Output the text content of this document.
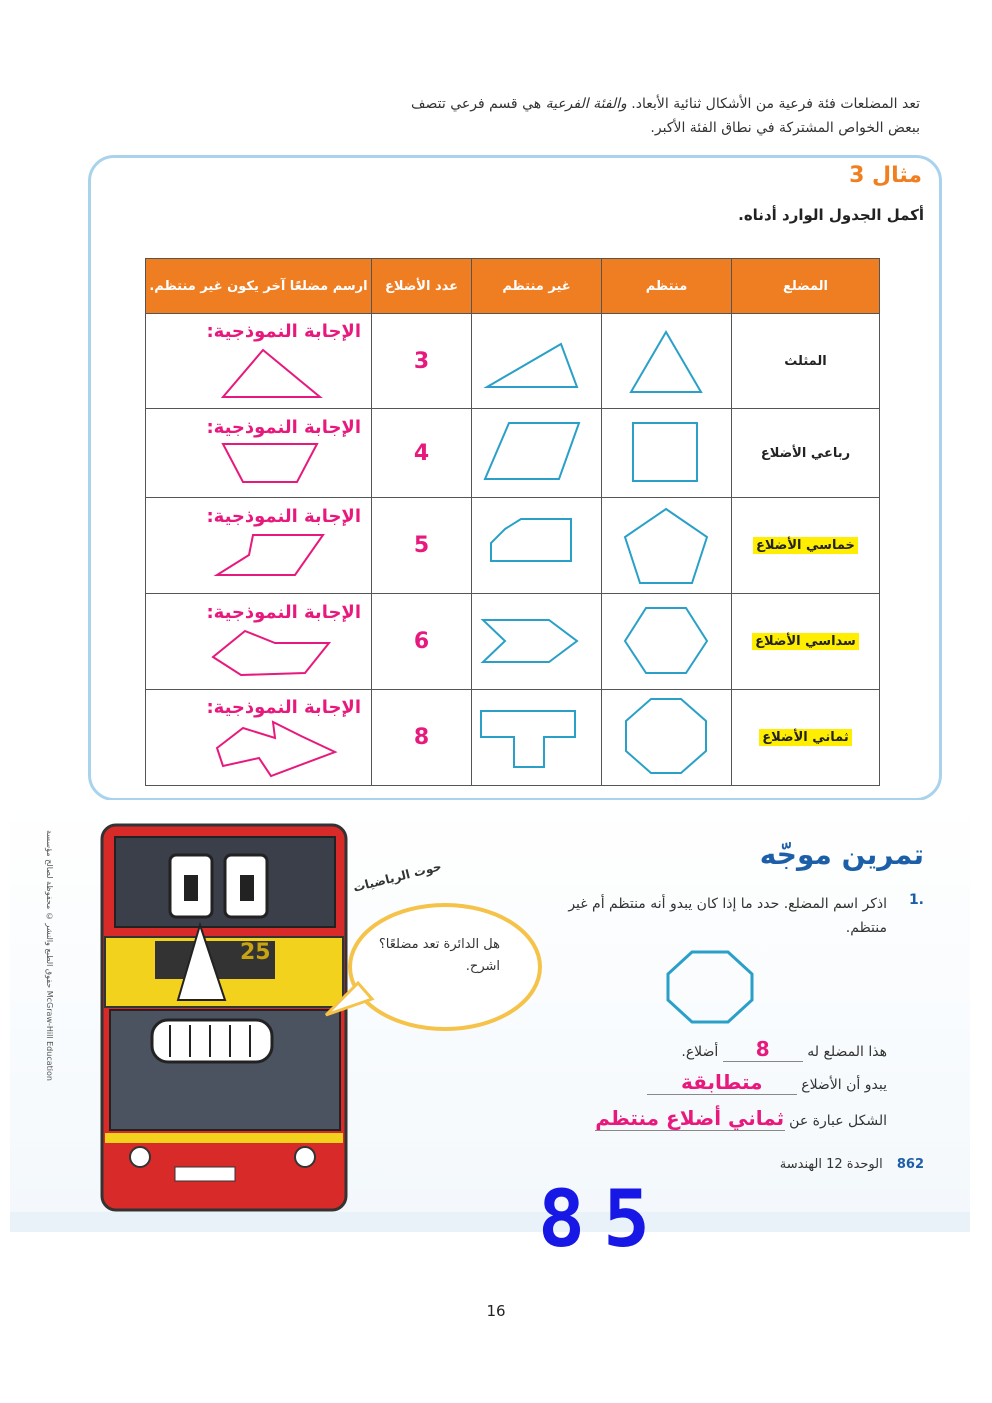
تعد المضلعات فئة فرعية من الأشكال ثنائية الأبعاد. والفئة الفرعية هي قسم فرعي تتصف
ببعض الخواص المشتركة في نطاق الفئة الأكبر.
مثال 3
أكمل الجدول الوارد أدناه.
المضلع	منتظم	غير منتظم	عدد الأضلاع	ارسم مضلعًا آخر يكون غير منتظم.
المثلث			3	الإجابة النموذجية:

رباعي الأضلاع			4	الإجابة النموذجية:

خماسي الأضلاع			5	الإجابة النموذجية:

سداسي الأضلاع			6	الإجابة النموذجية:

ثماني الأضلاع			8	الإجابة النموذجية:
حقوق الطبع والنشر © محفوظة لصالح مؤسسة McGraw-Hill Education
25
حوت الرياضيات
هل الدائرة تعد مضلعًا؟ اشرح.
تمرين موجّه
1.
اذكر اسم المضلع. حدد ما إذا كان يبدو أنه منتظم أم غير منتظم.
هذا المضلع له 8 أضلاع.
يبدو أن الأضلاع متطابقة
الشكل عبارة عن ثماني أضلاع منتظم
862 الوحدة 12 الهندسة
85
16
